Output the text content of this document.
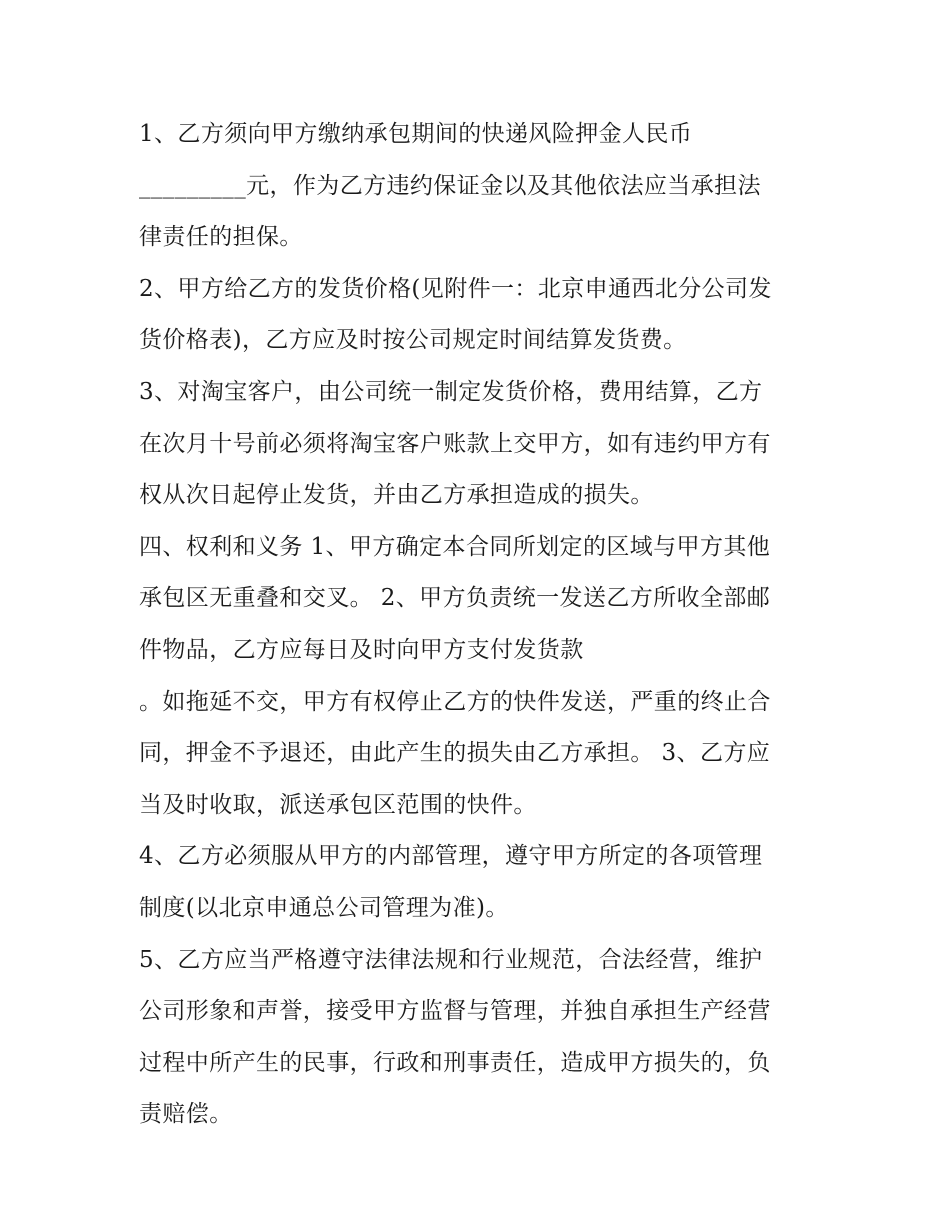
1、乙方须向甲方缴纳承包期间的快递风险押金人民币
_________元，作为乙方违约保证金以及其他依法应当承担法
律责任的担保。
2、甲方给乙方的发货价格(见附件一：北京申通西北分公司发
货价格表)，乙方应及时按公司规定时间结算发货费。
3、对淘宝客户，由公司统一制定发货价格，费用结算，乙方
在次月十号前必须将淘宝客户账款上交甲方，如有违约甲方有
权从次日起停止发货，并由乙方承担造成的损失。
四、权利和义务 1、甲方确定本合同所划定的区域与甲方其他
承包区无重叠和交叉。 2、甲方负责统一发送乙方所收全部邮
件物品，乙方应每日及时向甲方支付发货款
。如拖延不交，甲方有权停止乙方的快件发送，严重的终止合
同，押金不予退还，由此产生的损失由乙方承担。 3、乙方应
当及时收取，派送承包区范围的快件。
4、乙方必须服从甲方的内部管理，遵守甲方所定的各项管理
制度(以北京申通总公司管理为准)。
5、乙方应当严格遵守法律法规和行业规范，合法经营，维护
公司形象和声誉，接受甲方监督与管理，并独自承担生产经营
过程中所产生的民事，行政和刑事责任，造成甲方损失的，负
责赔偿。
